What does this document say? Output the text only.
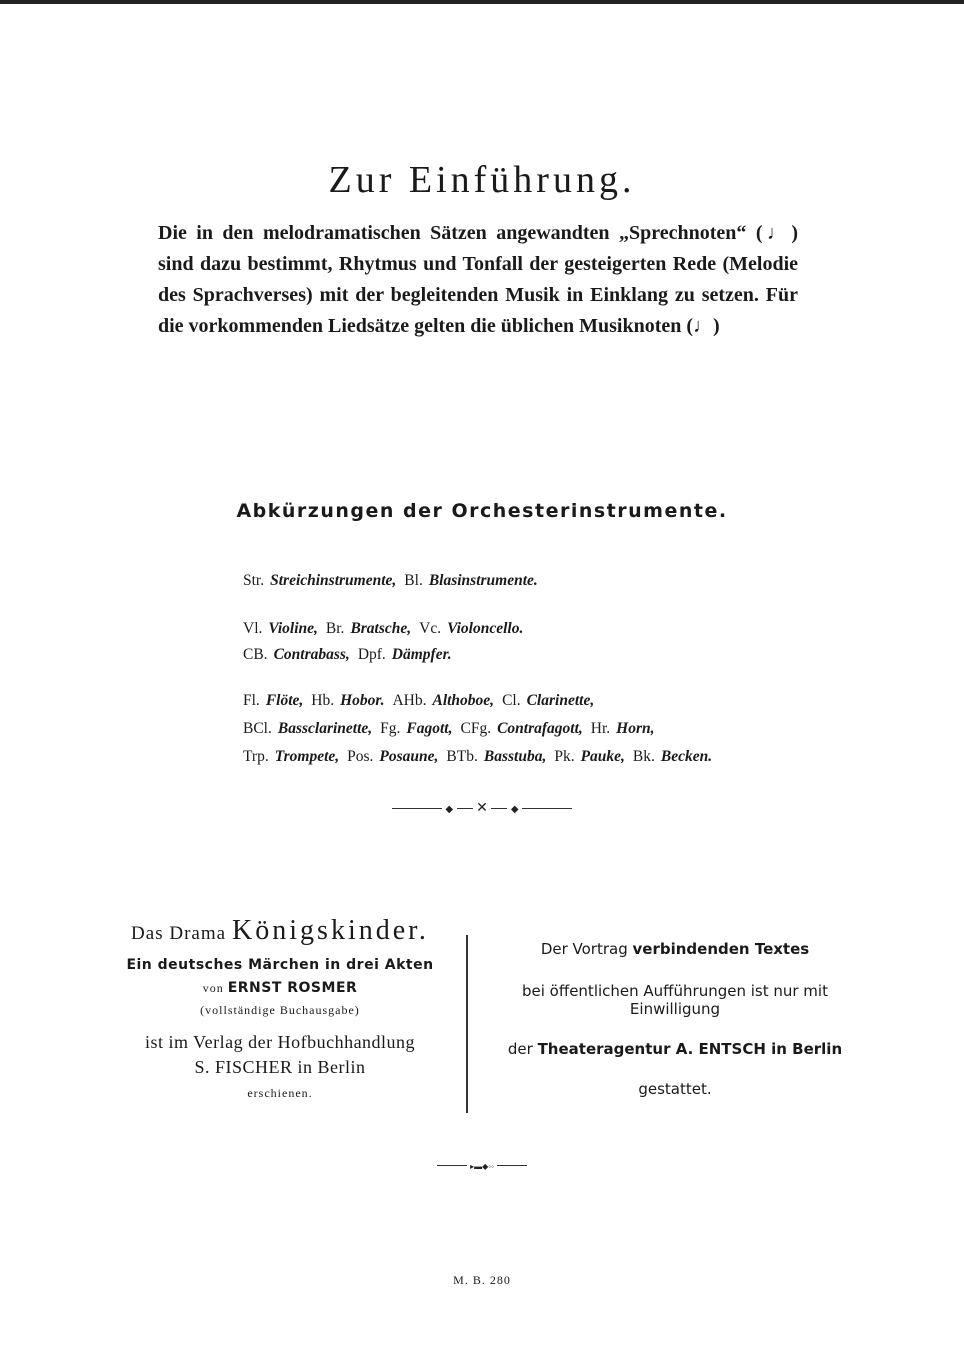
Zur Einführung.

Die in den melodramatischen Sätzen angewandten „Sprechnoten“ (♩) sind dazu bestimmt, Rhytmus und Tonfall der gesteigerten Rede (Melodie des Sprachverses) mit der begleitenden Musik in Einklang zu setzen. Für die vorkommenden Liedsätze gelten die üblichen Musiknoten (♩)

Abkürzungen der Orchesterinstrumente.
Str. Streichinstrumente, Bl. Blasinstrumente.
Vl. Violine, Br. Bratsche, Vc. Violoncello.
CB. Contrabass, Dpf. Dämpfer.
Fl. Flöte, Hb. Hobor. AHb. Althoboe, Cl. Clarinette,
BCl. Bassclarinette, Fg. Fagott, CFg. Contrafagott, Hr. Horn,
Trp. Trompete, Pos. Posaune, BTb. Basstuba, Pk. Pauke, Bk. Becken.
◆ ✕ ◆
Das Drama Königskinder.
Ein deutsches Märchen in drei Akten
von ERNST ROSMER
(vollständige Buchausgabe)
ist im Verlag der Hofbuchhandlung
S. FISCHER in Berlin
erschienen.
Der Vortrag verbindenden Textes
bei öffentlichen Aufführungen ist nur mit Einwilligung
der Theateragentur A. ENTSCH in Berlin
gestattet.
▸▬◆◦◦
M. B. 280
